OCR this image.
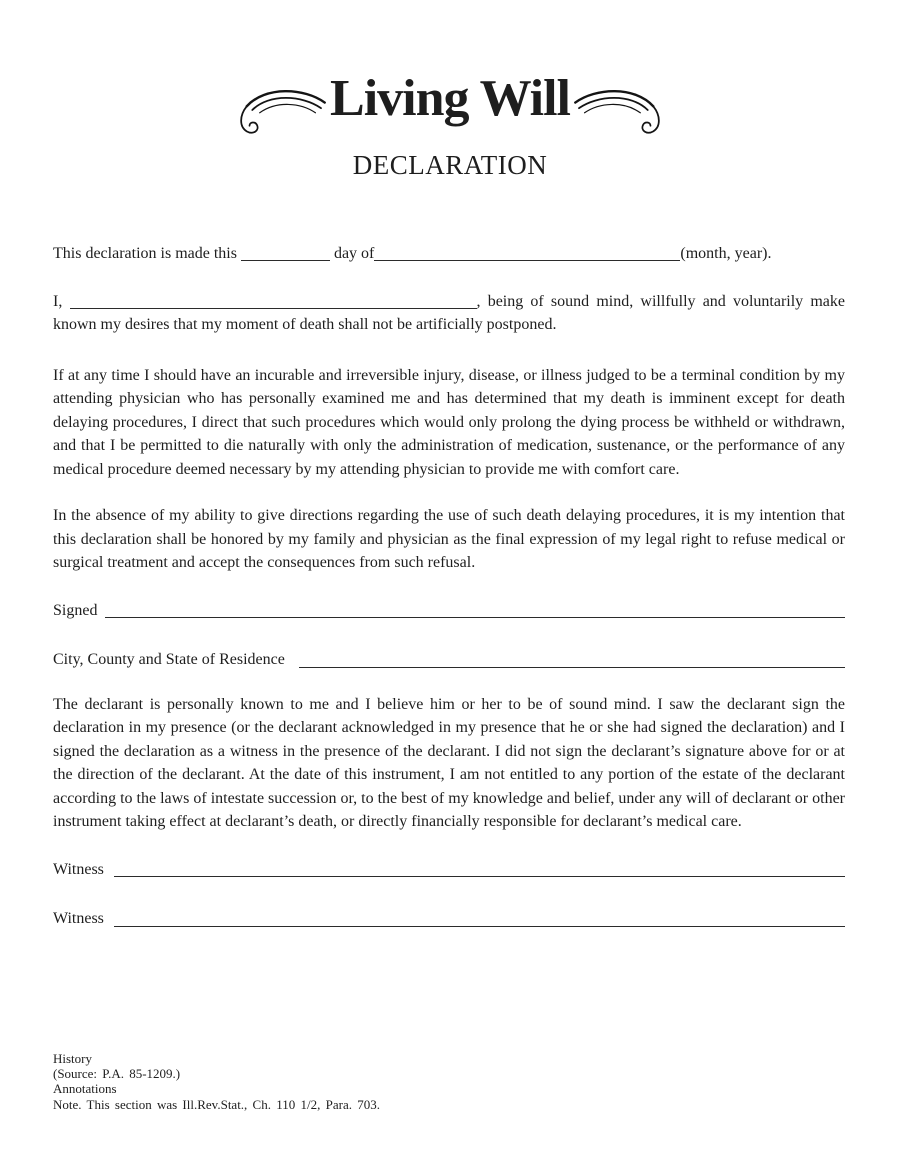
Living Will
DECLARATION

This declaration is made this	day of	(month, year).

I,	, being of sound mind, willfully and voluntarily make known my desires that my moment of death shall not be artificially postponed.

If at any time I should have an incurable and irreversible injury, disease, or illness judged to be a terminal condition by my attending physician who has personally examined me and has determined that my death is imminent except for death delaying procedures, I direct that such procedures which would only prolong the dying process be withheld or withdrawn, and that I be permitted to die naturally with only the administration of medication, sustenance, or the performance of any medical procedure deemed necessary by my attending physician to provide me with comfort care.

In the absence of my ability to give directions regarding the use of such death delaying procedures, it is my intention that this declaration shall be honored by my family and physician as the final expression of my legal right to refuse medical or surgical treatment and accept the consequences from such refusal.

Signed
City, County and State of Residence

The declarant is personally known to me and I believe him or her to be of sound mind. I saw the declarant sign the declaration in my presence (or the declarant acknowledged in my presence that he or she had signed the declaration) and I signed the declaration as a witness in the presence of the declarant. I did not sign the declarant’s signature above for or at the direction of the declarant. At the date of this instrument, I am not entitled to any portion of the estate of the declarant according to the laws of intestate succession or, to the best of my knowledge and belief, under any will of declarant or other instrument taking effect at declarant’s death, or directly financially responsible for declarant’s medical care.

Witness
Witness
History
(Source: P.A. 85-1209.)
Annotations
Note. This section was Ill.Rev.Stat., Ch. 110 1/2, Para. 703.
